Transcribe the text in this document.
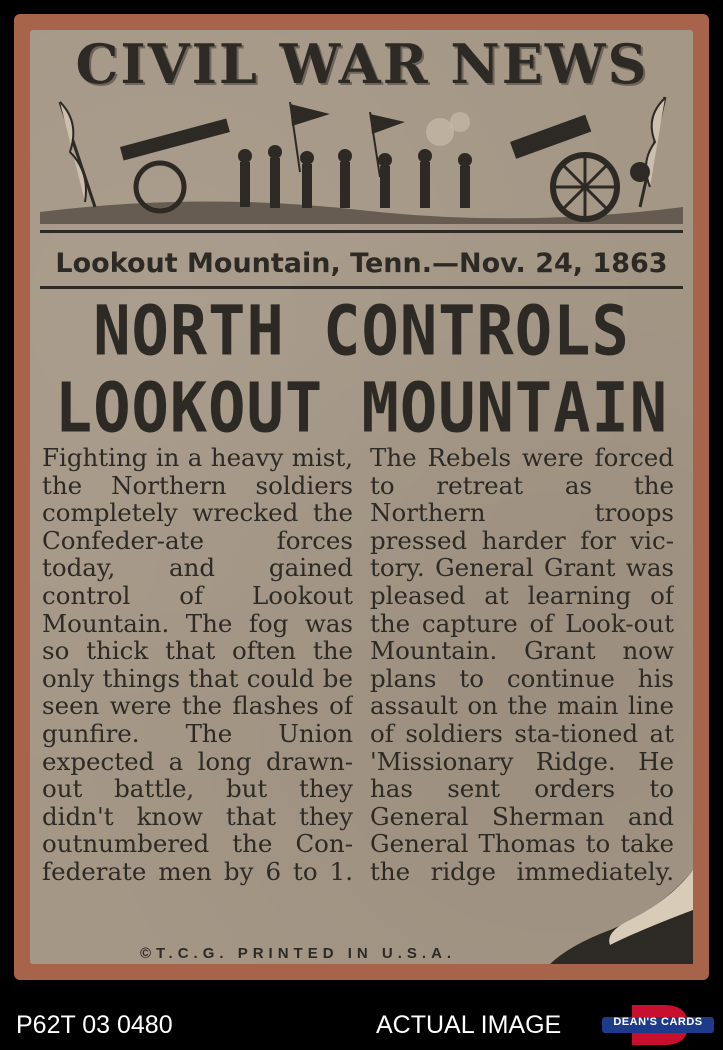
CIVIL WAR NEWS
Lookout Mountain, Tenn.—Nov. 24, 1863
NORTH CONTROLS
LOOKOUT MOUNTAIN
Fighting in a heavy mist, the Northern soldiers completely wrecked the Confeder-ate forces today, and gained control of Lookout Mountain. The fog was so thick that often the only things that could be seen were the flashes of gunfire. The Union expected a long drawn-out battle, but they didn't know that they outnumbered the Con-federate men by 6 to 1.
The Rebels were forced to retreat as the Northern troops pressed harder for vic-tory. General Grant was pleased at learning of the capture of Look-out Mountain. Grant now plans to continue his assault on the main line of soldiers sta-tioned at 'Missionary Ridge. He has sent orders to General Sherman and General Thomas to take the ridge immediately.
©T.C.G. PRINTED IN U.S.A.	56
P62T 03 0480	ACTUAL IMAGE	DEAN'S CARDS
